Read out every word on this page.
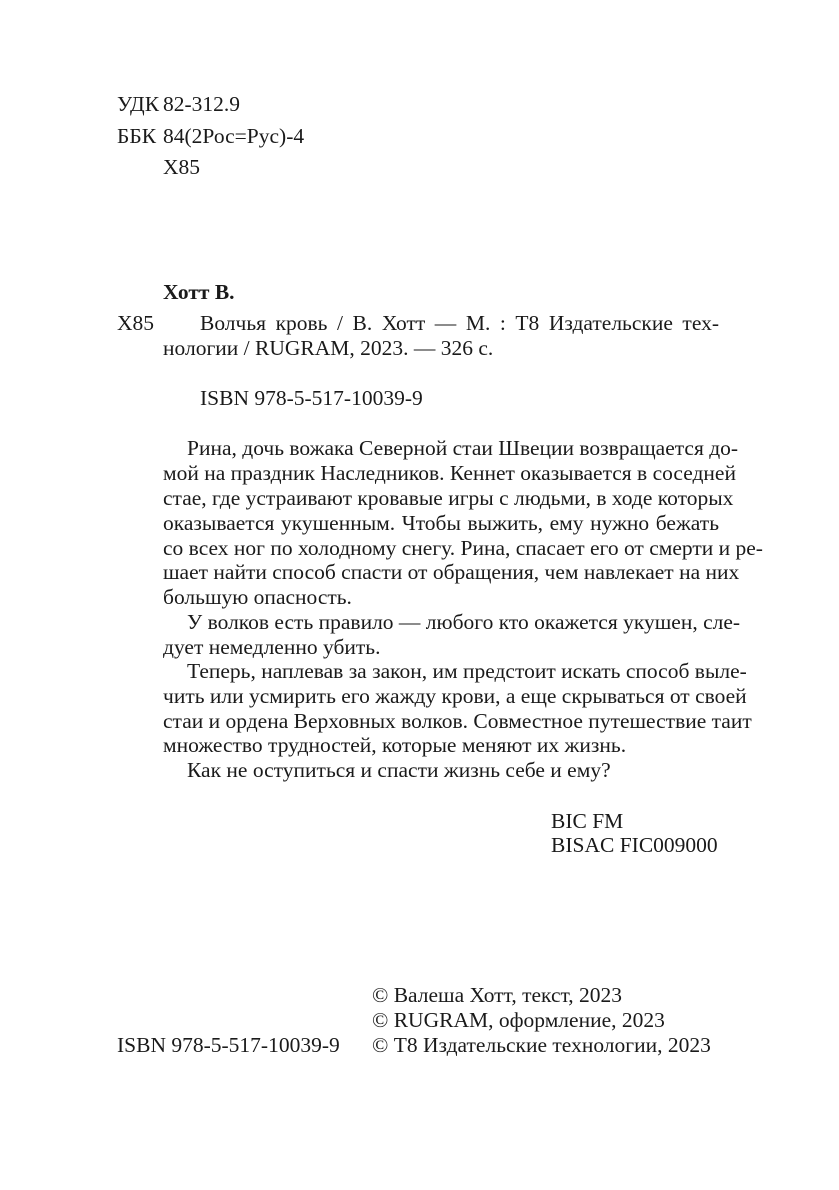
УДК 82-312.9
ББК 84(2Рос=Рус)-4
Х85
Хотт В.
Х85 Волчья кровь / В. Хотт — М. : Т8 Издательские тех-
нологии / RUGRAM, 2023. — 326 с.
ISBN 978-5-517-10039-9
Рина, дочь вожака Северной стаи Швеции возвращается до-
мой на праздник Наследников. Кеннет оказывается в соседней
стае, где устраивают кровавые игры с людьми, в ходе которых
оказывается укушенным. Чтобы выжить, ему нужно бежать
со всех ног по холодному снегу. Рина, спасает его от смерти и ре-
шает найти способ спасти от обращения, чем навлекает на них
большую опасность.
У волков есть правило — любого кто окажется укушен, сле-
дует немедленно убить.
Теперь, наплевав за закон, им предстоит искать способ выле-
чить или усмирить его жажду крови, а еще скрываться от своей
стаи и ордена Верховных волков. Совместное путешествие таит
множество трудностей, которые меняют их жизнь.
Как не оступиться и спасти жизнь себе и ему?
BIC FM
BISAC FIC009000
© Валеша Хотт, текст, 2023
© RUGRAM, оформление, 2023
© Т8 Издательские технологии, 2023
ISBN 978-5-517-10039-9
